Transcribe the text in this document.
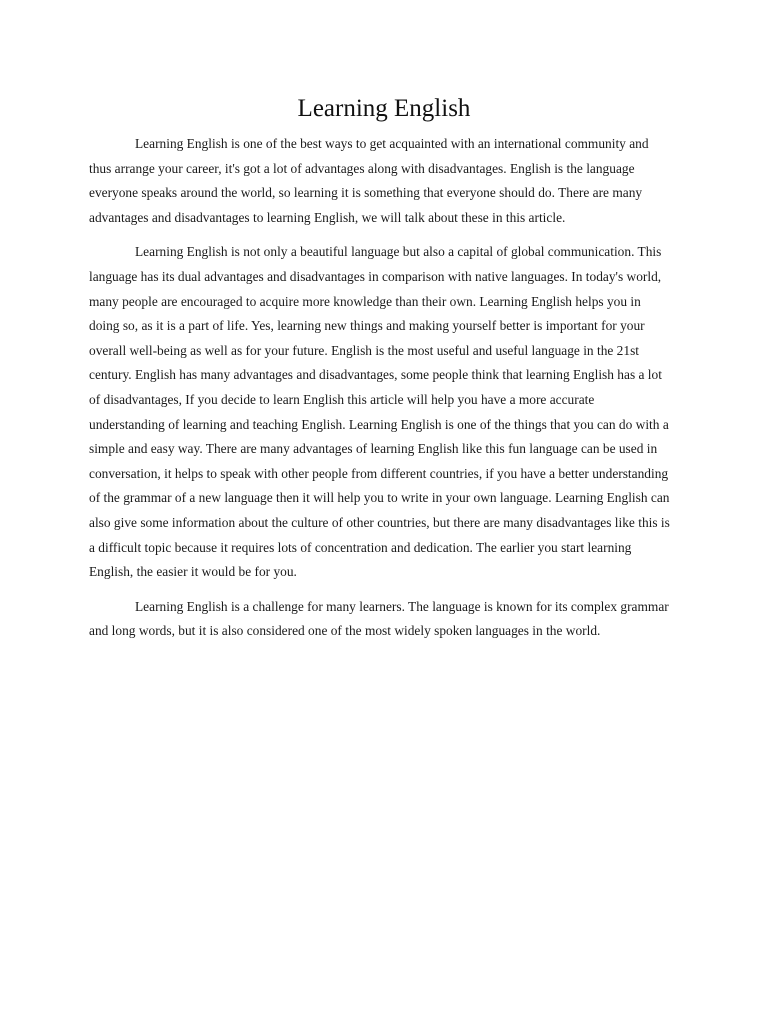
Learning English

Learning English is one of the best ways to get acquainted with an international community and thus arrange your career, it's got a lot of advantages along with disadvantages. English is the language everyone speaks around the world, so learning it is something that everyone should do. There are many advantages and disadvantages to learning English, we will talk about these in this article.

Learning English is not only a beautiful language but also a capital of global communication. This language has its dual advantages and disadvantages in comparison with native languages. In today's world, many people are encouraged to acquire more knowledge than their own. Learning English helps you in doing so, as it is a part of life. Yes, learning new things and making yourself better is important for your overall well-being as well as for your future. English is the most useful and useful language in the 21st century. English has many advantages and disadvantages, some people think that learning English has a lot of disadvantages, If you decide to learn English this article will help you have a more accurate understanding of learning and teaching English. Learning English is one of the things that you can do with a simple and easy way. There are many advantages of learning English like this fun language can be used in conversation, it helps to speak with other people from different countries, if you have a better understanding of the grammar of a new language then it will help you to write in your own language. Learning English can also give some information about the culture of other countries, but there are many disadvantages like this is a difficult topic because it requires lots of concentration and dedication. The earlier you start learning English, the easier it would be for you.

Learning English is a challenge for many learners. The language is known for its complex grammar and long words, but it is also considered one of the most widely spoken languages in the world.
